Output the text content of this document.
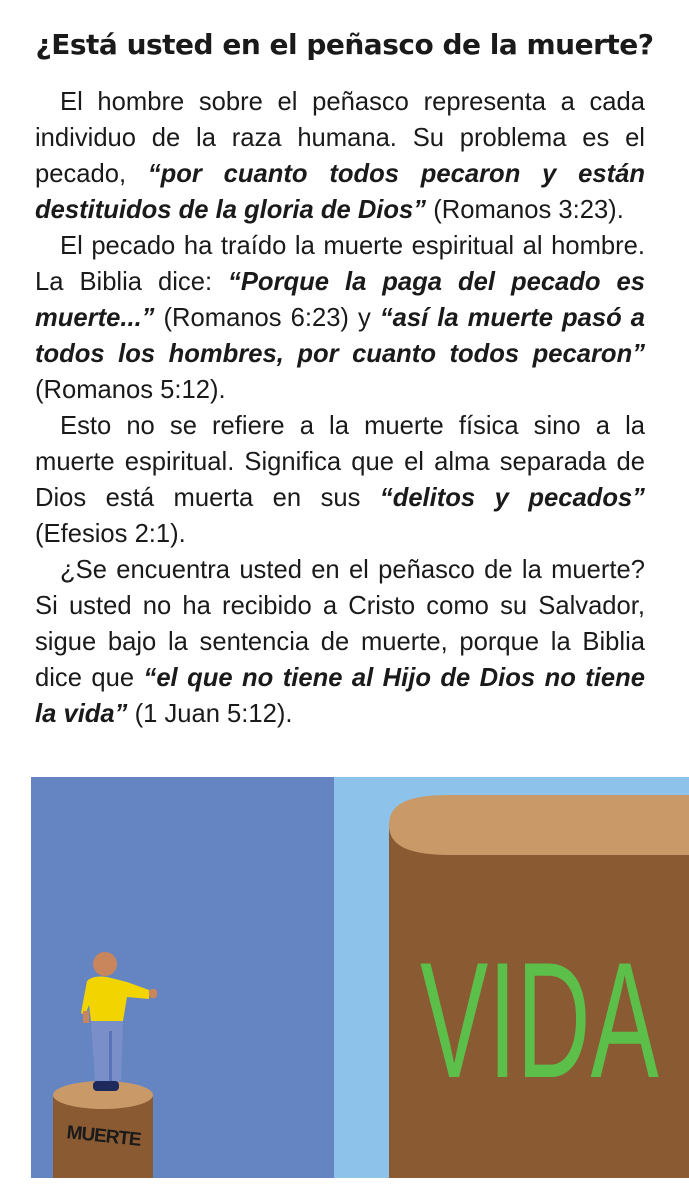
¿Está usted en el peñasco de la muerte?

El hombre sobre el peñasco representa a cada individuo de la raza humana. Su problema es el pecado, “por cuanto todos pecaron y están destituidos de la gloria de Dios” (Romanos 3:23).

El pecado ha traído la muerte espiritual al hombre. La Biblia dice: “Porque la paga del pecado es muerte...” (Romanos 6:23) y “así la muerte pasó a todos los hombres, por cuanto todos pecaron” (Romanos 5:12).

Esto no se refiere a la muerte física sino a la muerte espiritual. Significa que el alma separada de Dios está muerta en sus “delitos y pecados” (Efesios 2:1).

¿Se encuentra usted en el peñasco de la muerte? Si usted no ha recibido a Cristo como su Salvador, sigue bajo la sentencia de muerte, porque la Biblia dice que “el que no tiene al Hijo de Dios no tiene la vida” (1 Juan 5:12).

VIDA
MUERTE
